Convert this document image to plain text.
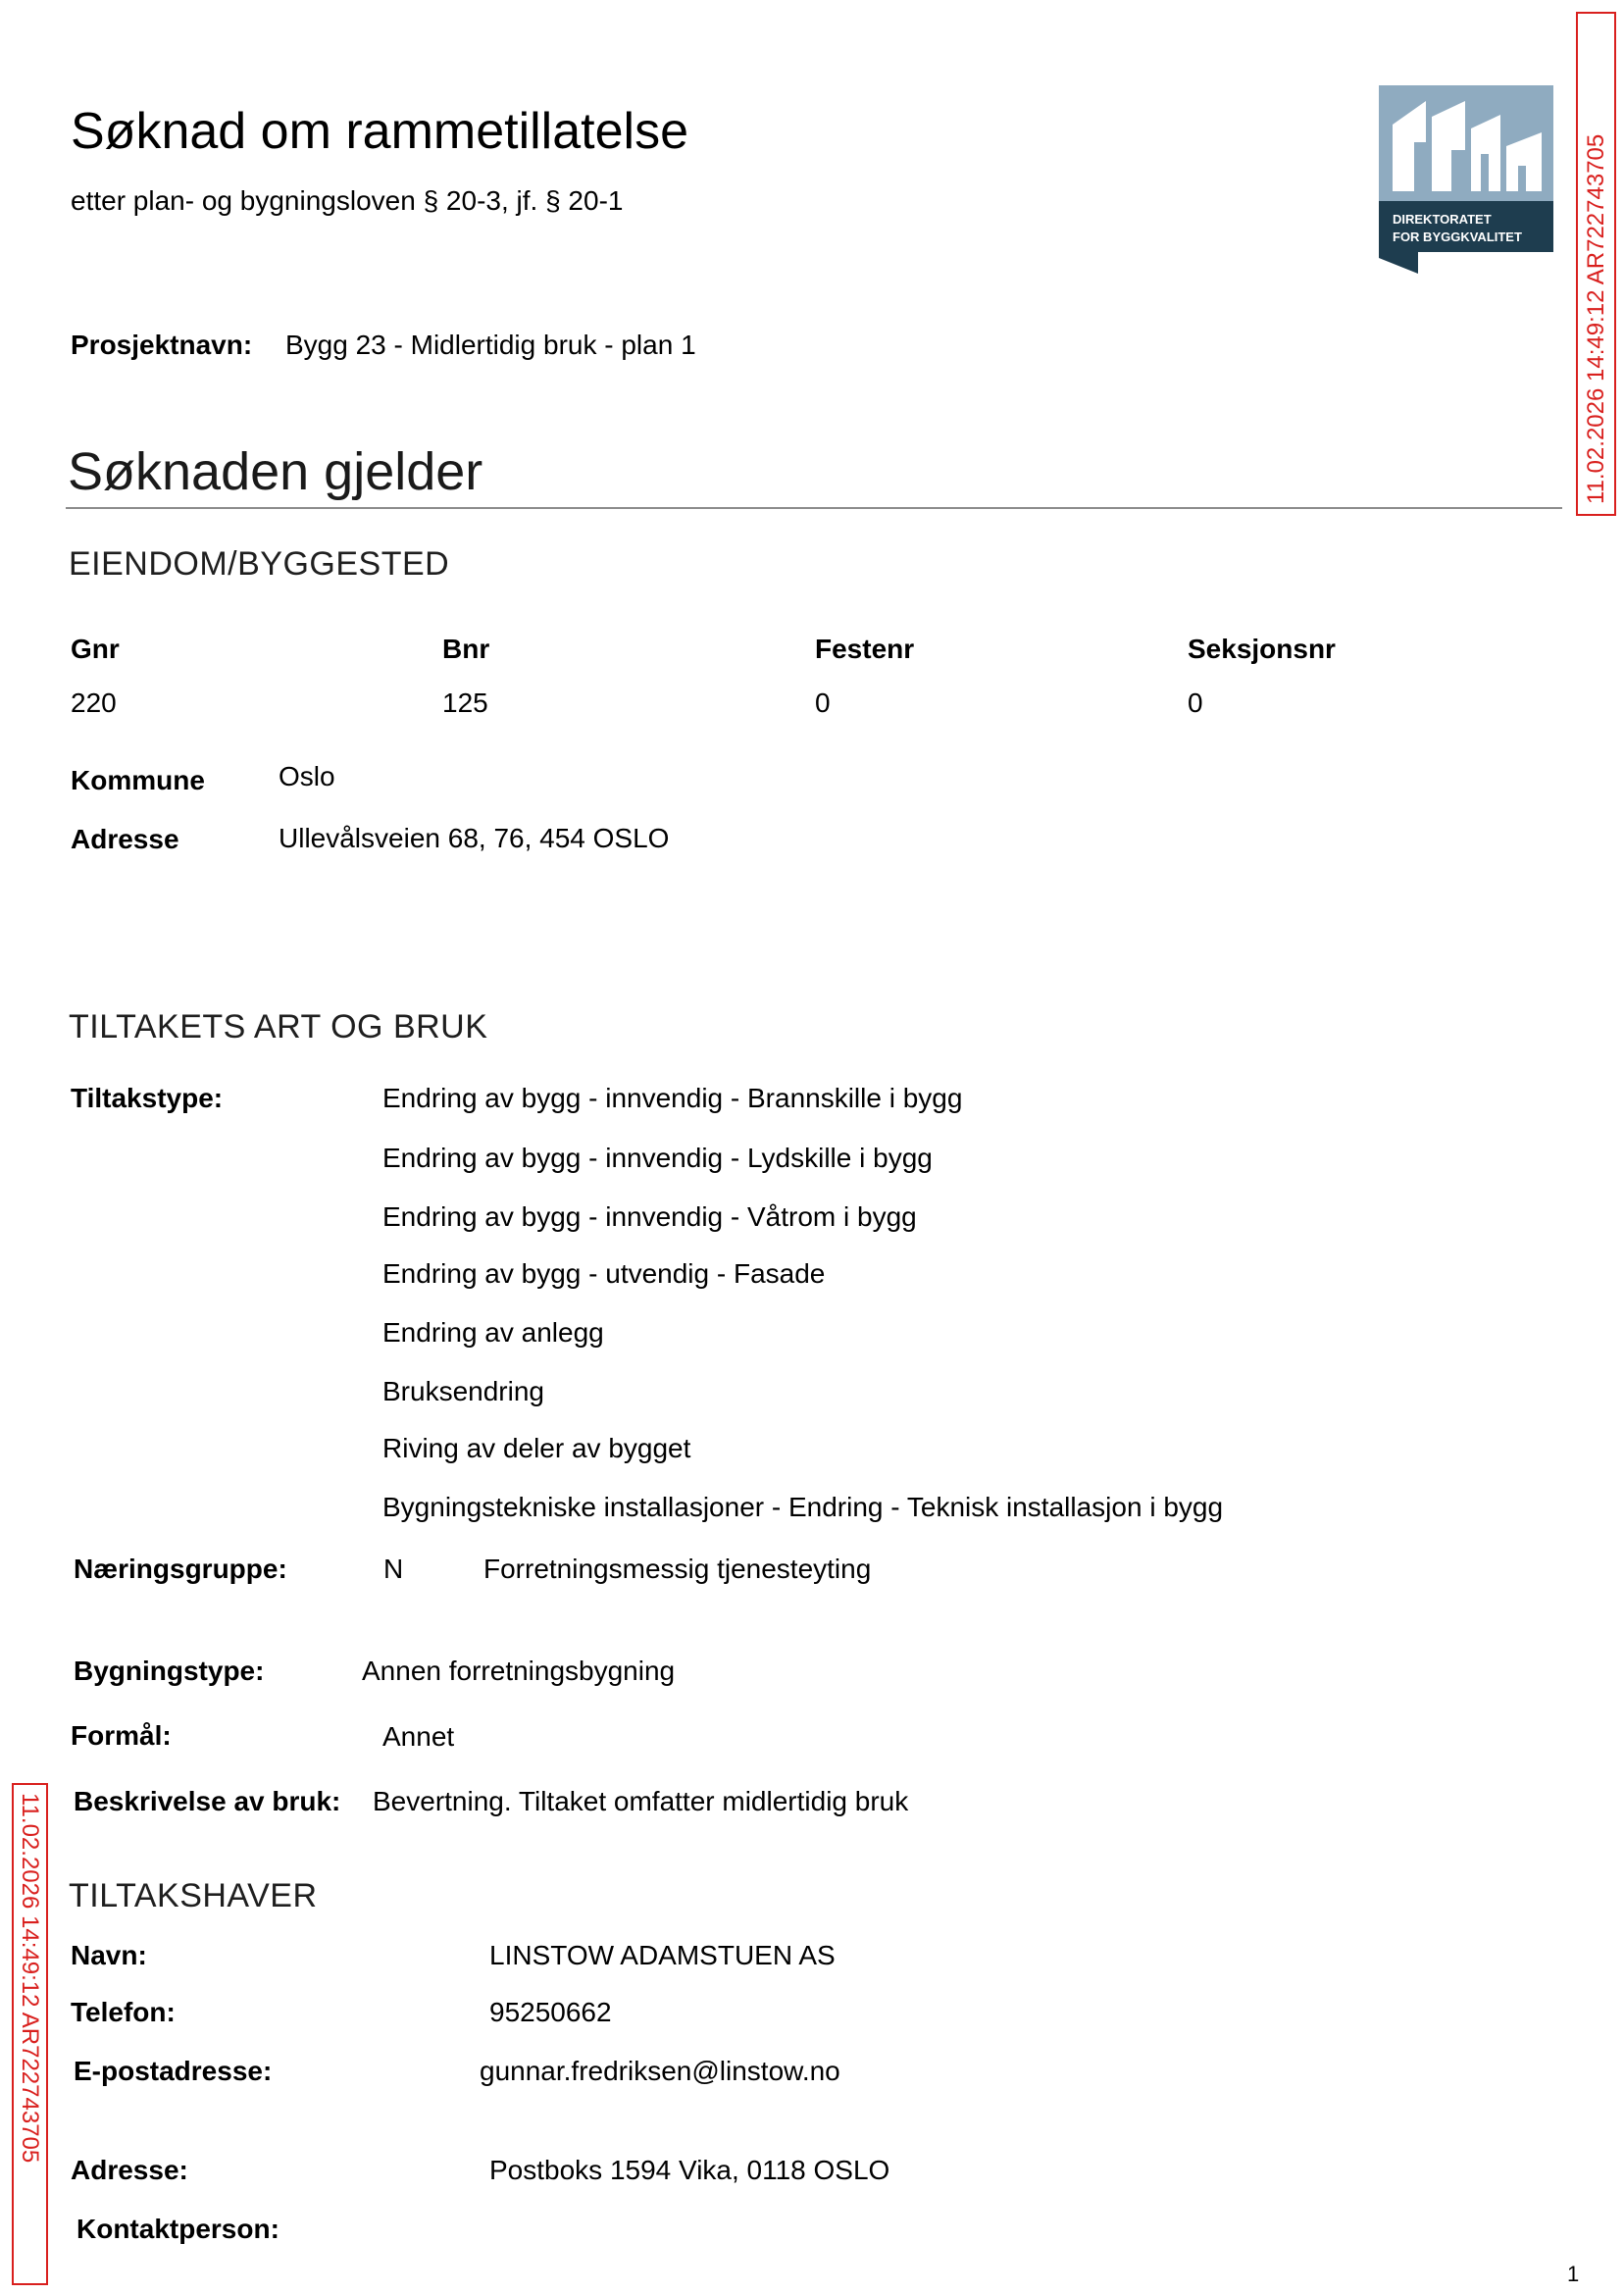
Søknad om rammetillatelse
etter plan- og bygningsloven § 20-3, jf. § 20-1
DIREKTORATET
FOR BYGGKVALITET	11.02.2026 14:49:12 AR722743705
Prosjektnavn: Bygg 23 - Midlertidig bruk - plan 1
Søknaden gjelder
EIENDOM/BYGGESTED
Gnr	Bnr	Festenr	Seksjonsnr
220	125	0	0
Kommune	Oslo
Adresse	Ullevålsveien 68, 76, 454 OSLO
TILTAKETS ART OG BRUK
Tiltakstype:	Endring av bygg - innvendig - Brannskille i bygg
Endring av bygg - innvendig - Lydskille i bygg
Endring av bygg - innvendig - Våtrom i bygg
Endring av bygg - utvendig - Fasade
Endring av anlegg
Bruksendring
Riving av deler av bygget
Bygningstekniske installasjoner - Endring - Teknisk installasjon i bygg
Næringsgruppe:	N	Forretningsmessig tjenesteyting
Bygningstype:	Annen forretningsbygning
Formål:	Annet
Beskrivelse av bruk: Bevertning. Tiltaket omfatter midlertidig bruk
11.02.2026 14:49:12 AR722743705 TILTAKSHAVER
Navn:	LINSTOW ADAMSTUEN AS
Telefon:	95250662
E-postadresse:	gunnar.fredriksen@linstow.no
Adresse:	Postboks 1594 Vika, 0118 OSLO
Kontaktperson:
1
